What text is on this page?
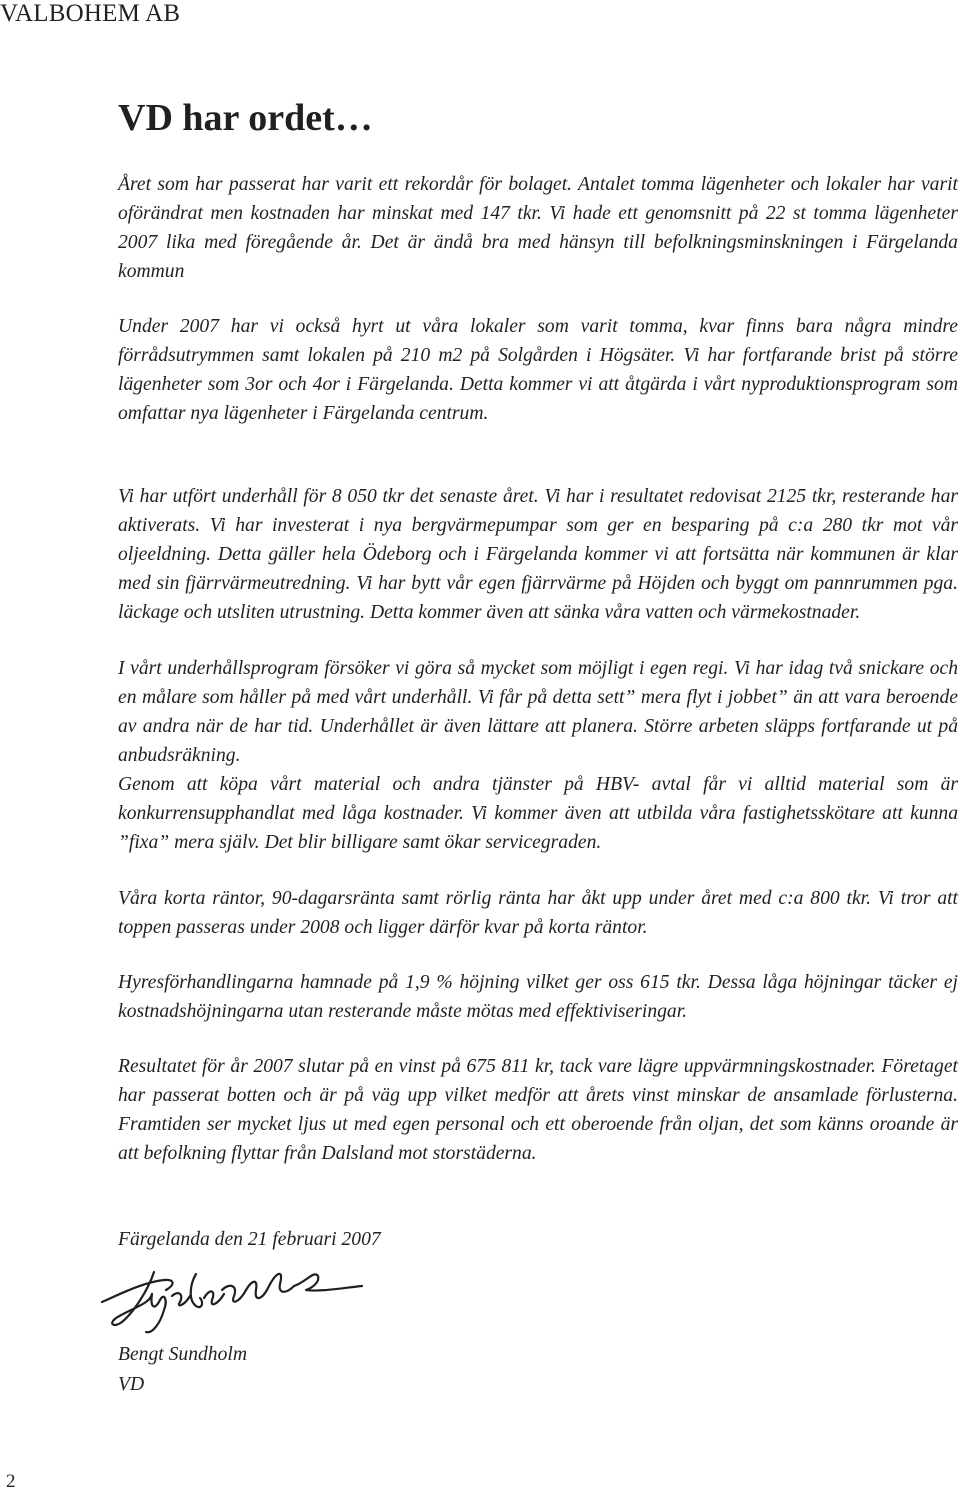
VALBOHEM AB
VD har ordet…

Året som har passerat har varit ett rekordår för bolaget. Antalet tomma lägenheter och lokaler har varit oförändrat men kostnaden har minskat med 147 tkr. Vi hade ett genomsnitt på 22 st tomma lägenheter 2007 lika med föregående år. Det är ändå bra med hänsyn till befolkningsminskningen i Färgelanda kommun

Under 2007 har vi också hyrt ut våra lokaler som varit tomma, kvar finns bara några mindre förrådsutrymmen samt lokalen på 210 m2 på Solgården i Högsäter. Vi har fortfarande brist på större lägenheter som 3or och 4or i Färgelanda. Detta kommer vi att åtgärda i vårt nyproduktionsprogram som omfattar nya lägenheter i Färgelanda centrum.

Vi har utfört underhåll för 8 050 tkr det senaste året. Vi har i resultatet redovisat 2125 tkr, resterande har aktiverats. Vi har investerat i nya bergvärmepumpar som ger en besparing på c:a 280 tkr mot vår oljeeldning. Detta gäller hela Ödeborg och i Färgelanda kommer vi att fortsätta när kommunen är klar med sin fjärrvärmeutredning. Vi har bytt vår egen fjärrvärme på Höjden och byggt om pannrummen pga. läckage och utsliten utrustning. Detta kommer även att sänka våra vatten och värmekostnader.

I vårt underhållsprogram försöker vi göra så mycket som möjligt i egen regi. Vi har idag två snickare och en målare som håller på med vårt underhåll. Vi får på detta sett” mera flyt i jobbet” än att vara beroende av andra när de har tid. Underhållet är även lättare att planera. Större arbeten släpps fortfarande ut på anbudsräkning.
Genom att köpa vårt material och andra tjänster på HBV- avtal får vi alltid material som är konkurrensupphandlat med låga kostnader. Vi kommer även att utbilda våra fastighetsskötare att kunna ”fixa” mera själv. Det blir billigare samt ökar servicegraden.

Våra korta räntor, 90-dagarsränta samt rörlig ränta har åkt upp under året med c:a 800 tkr. Vi tror att toppen passeras under 2008 och ligger därför kvar på korta räntor.

Hyresförhandlingarna hamnade på 1,9 % höjning vilket ger oss 615 tkr. Dessa låga höjningar täcker ej kostnadshöjningarna utan resterande måste mötas med effektiviseringar.

Resultatet för år 2007 slutar på en vinst på 675 811 kr, tack vare lägre uppvärmningskostnader. Företaget har passerat botten och är på väg upp vilket medför att årets vinst minskar de ansamlade förlusterna. Framtiden ser mycket ljus ut med egen personal och ett oberoende från oljan, det som känns oroande är att befolkning flyttar från Dalsland mot storstäderna.

Färgelanda den 21 februari 2007

Bengt Sundholm
VD

2
